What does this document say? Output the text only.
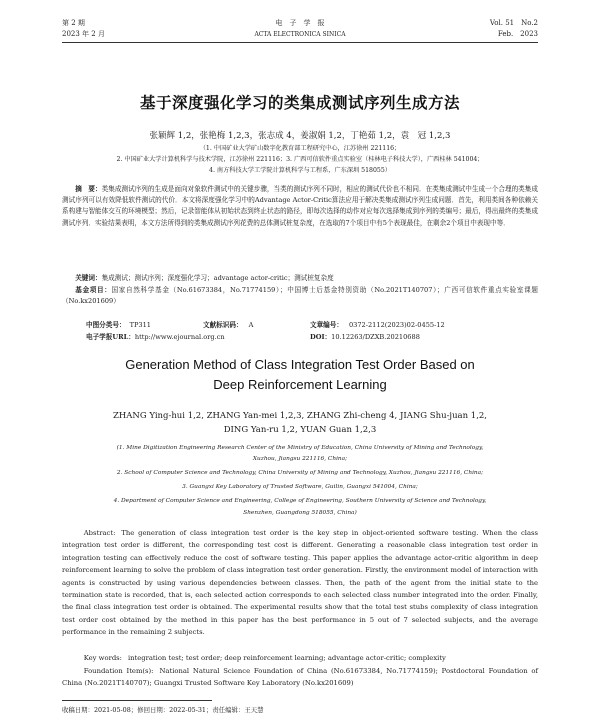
第 2 期
2023 年 2 月
电　子　学　报
ACTA ELECTRONICA SINICA
Vol. 51　No.2
Feb.　2023
基于深度强化学习的类集成测试序列生成方法
张颖辉 1,2，张艳梅 1,2,3，张志成 4，姜淑娟 1,2，丁艳茹 1,2，袁　冠 1,2,3
（1. 中国矿业大学矿山数字化教育部工程研究中心，江苏徐州 221116；
2. 中国矿业大学计算机科学与技术学院，江苏徐州 221116；3. 广西可信软件重点实验室（桂林电子科技大学），广西桂林 541004；
4. 南方科技大学工学院计算机科学与工程系，广东深圳 518055）
摘　要：类集成测试序列的生成是面向对象软件测试中的关键步骤，当类的测试序列不同时，相应的测试代价也不相同．在类集成测试中生成一个合理的类集成测试序列可以有效降低软件测试的代价．本文将深度强化学习中的Advantage Actor-Critic算法应用于解决类集成测试序列生成问题．首先，利用类间各种依赖关系构建与智能体交互的环境模型；然后，记录智能体从初始状态到终止状态的路径，即每次选择的动作对应每次选择集成到序列的类编号；最后，得出最终的类集成测试序列．实验结果表明，本文方法所得到的类集成测试序列花费的总体测试桩复杂度，在选取的7个项目中有5个表现最佳，在剩余2个项目中表现中等．
关键词：集成测试；测试序列；深度强化学习；advantage actor-critic；测试桩复杂度
基金项目：国家自然科学基金（No.61673384，No.71774159）；中国博士后基金特别资助（No.2021T140707）；广西可信软件重点实验室课题（No.kx201609）
中图分类号： TP311	文献标识码： A	文章编号： 0372-2112(2023)02-0455-12
电子学报URL：http://www.ejournal.org.cn	DOI：10.12263/DZXB.20210688
Generation Method of Class Integration Test Order Based on
Deep Reinforcement Learning
ZHANG Ying-hui 1,2, ZHANG Yan-mei 1,2,3, ZHANG Zhi-cheng 4, JIANG Shu-juan 1,2,
DING Yan-ru 1,2, YUAN Guan 1,2,3
(1. Mine Digitization Engineering Research Center of the Ministry of Education, China University of Mining and Technology,
Xuzhou, Jiangsu 221116, China;
2. School of Computer Science and Technology, China University of Mining and Technology, Xuzhou, Jiangsu 221116, China;
3. Guangxi Key Laboratory of Trusted Software, Guilin, Guangxi 541004, China;
4. Department of Computer Science and Engineering, College of Engineering, Southern University of Science and Technology,
Shenzhen, Guangdong 518055, China)
Abstract: The generation of class integration test order is the key step in object-oriented software testing. When the class integration test order is different, the corresponding test cost is different. Generating a reasonable class integration test order in integration testing can effectively reduce the cost of software testing. This paper applies the advantage actor-critic algorithm in deep reinforcement learning to solve the problem of class integration test order generation. Firstly, the environment model of interaction with agents is constructed by using various dependencies between classes. Then, the path of the agent from the initial state to the termination state is recorded, that is, each selected action corresponds to each selected class number integrated into the order. Finally, the final class integration test order is obtained. The experimental results show that the total test stubs complexity of class integration test order cost obtained by the method in this paper has the best performance in 5 out of 7 selected subjects, and the average performance in the remaining 2 subjects.
Key words: integration test; test order; deep reinforcement learning; advantage actor-critic; complexity
Foundation Item(s): National Natural Science Foundation of China (No.61673384, No.71774159); Postdoctoral Foundation of China (No.2021T140707); Guangxi Trusted Software Key Laboratory (No.kx201609)
收稿日期：2021-05-08；修回日期：2022-05-31；责任编辑：王天慧
